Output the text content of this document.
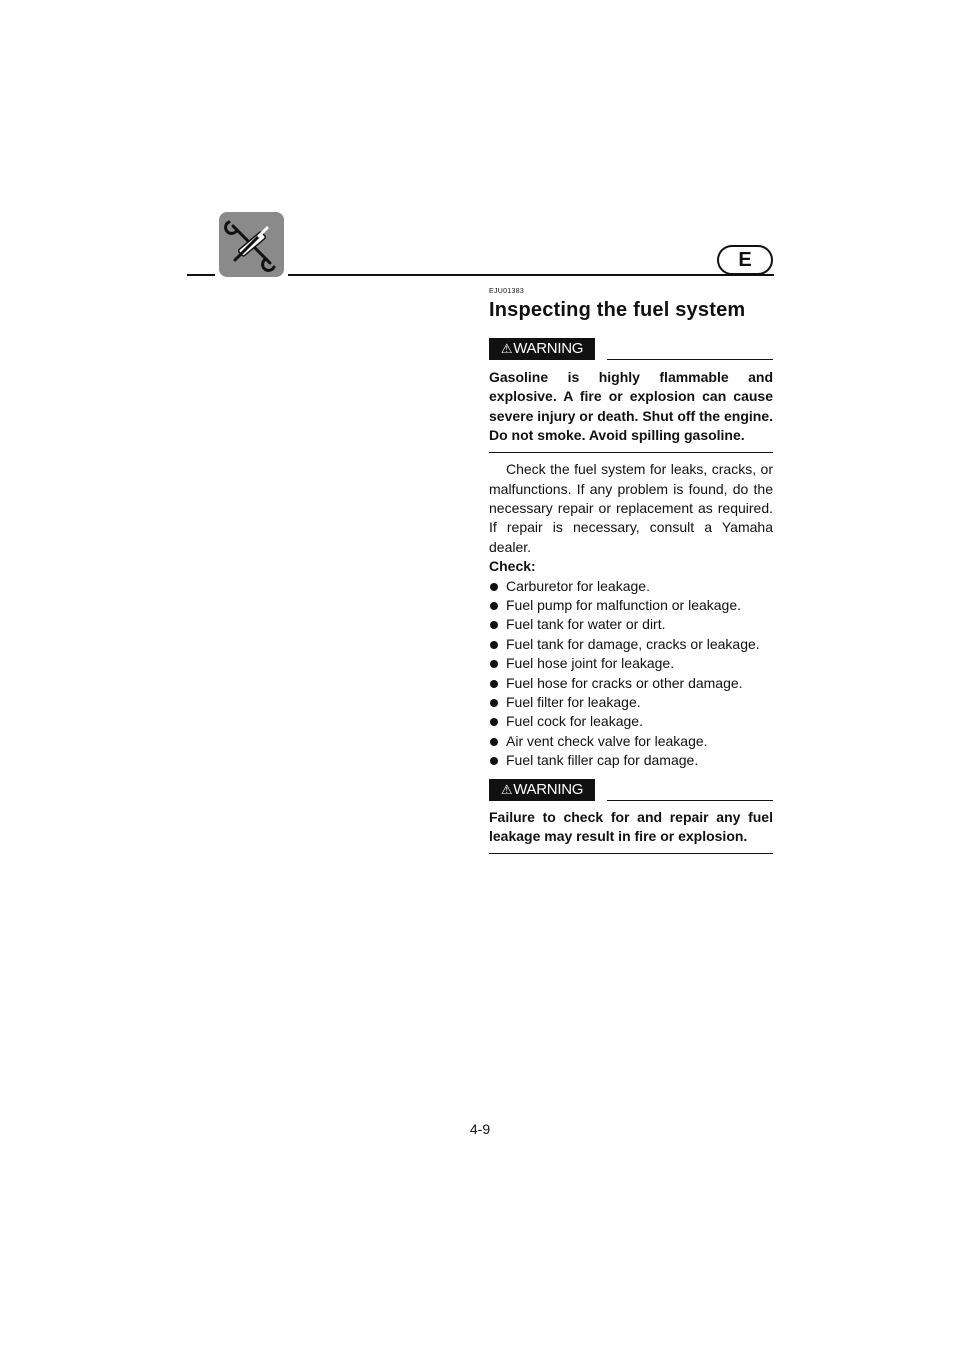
E

EJU01383

Inspecting the fuel system
⚠ WARNING

Gasoline is highly flammable and explosive. A fire or explosion can cause severe injury or death. Shut off the engine. Do not smoke. Avoid spilling gasoline.

Check the fuel system for leaks, cracks, or malfunctions. If any problem is found, do the necessary repair or replacement as required. If repair is necessary, consult a Yamaha dealer.

Check:

Carburetor for leakage.
Fuel pump for malfunction or leakage.
Fuel tank for water or dirt.
Fuel tank for damage, cracks or leakage.
Fuel hose joint for leakage.
Fuel hose for cracks or other damage.
Fuel filter for leakage.
Fuel cock for leakage.
Air vent check valve for leakage.
Fuel tank filler cap for damage.
⚠ WARNING

Failure to check for and repair any fuel leakage may result in fire or explosion.

4-9
